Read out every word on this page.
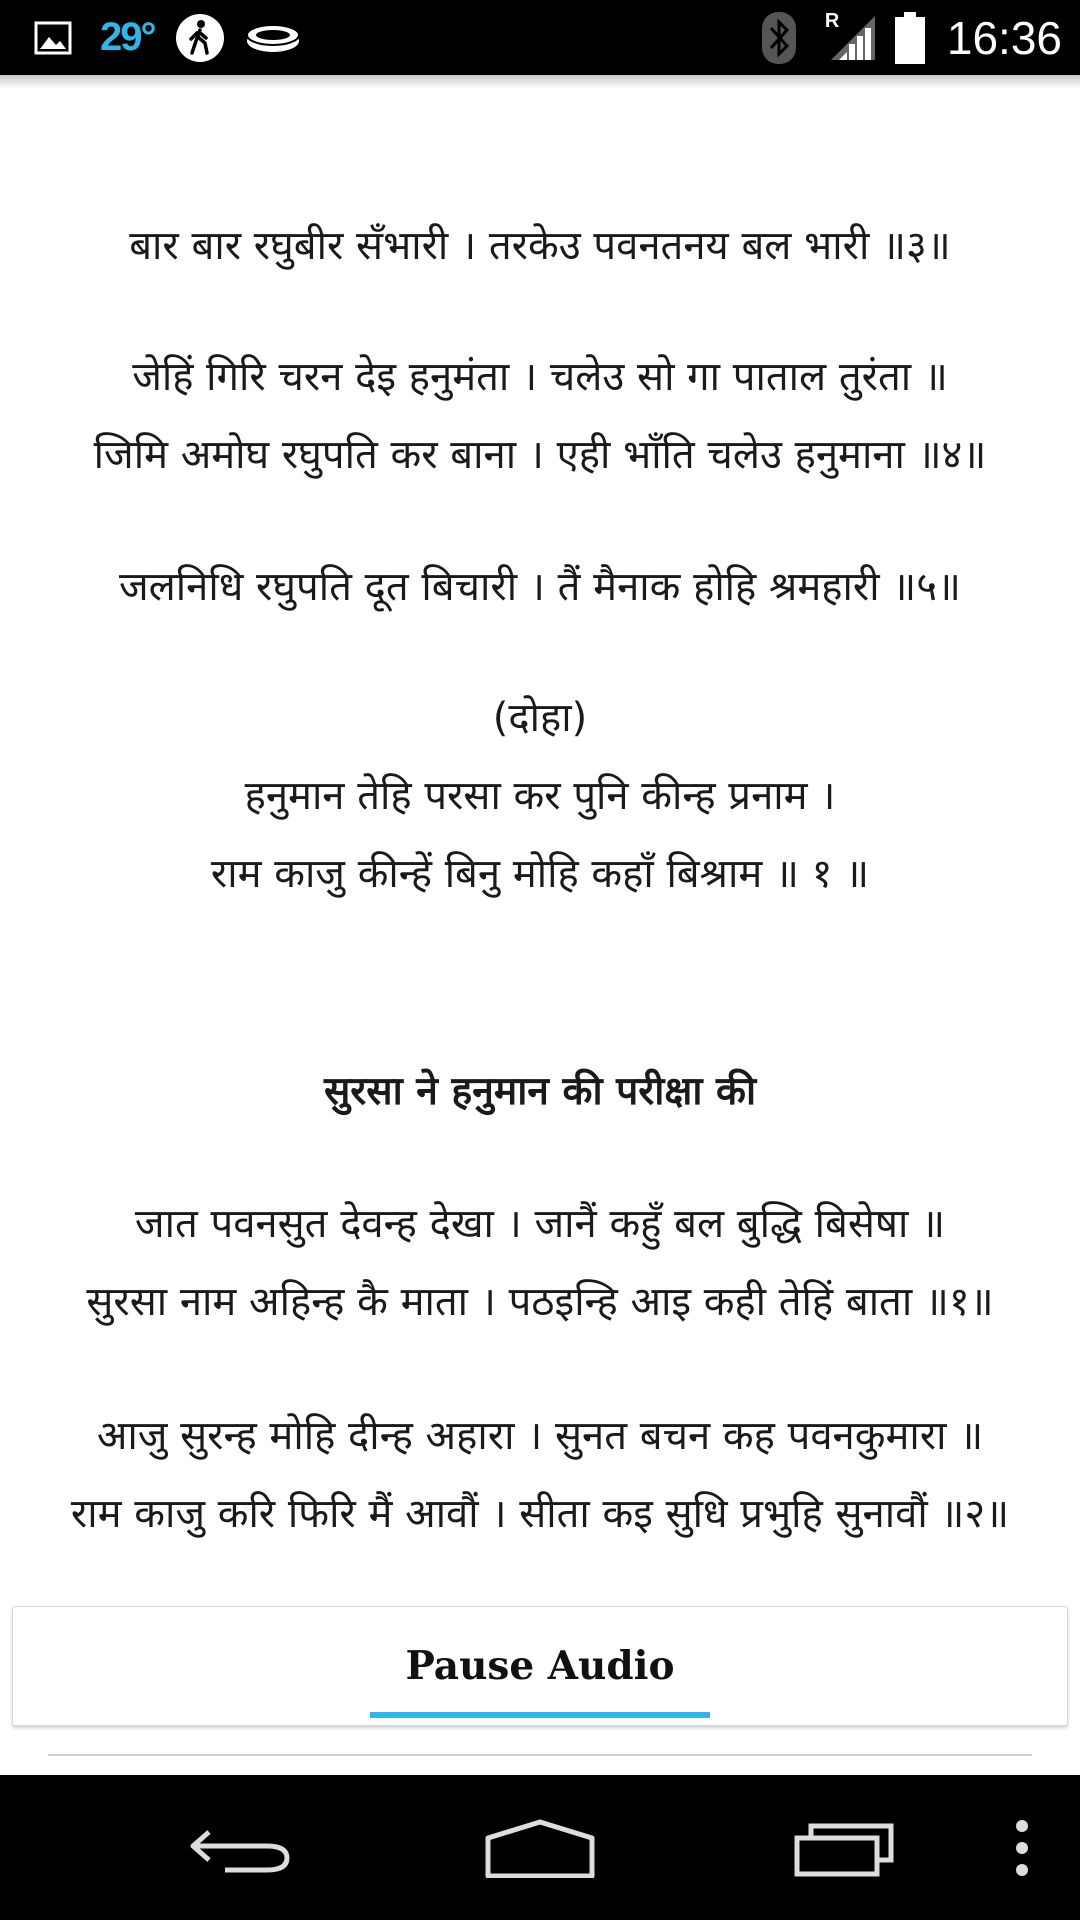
29°	R 16:36
बार बार रघुबीर सँभारी । तरकेउ पवनतनय बल भारी ॥३॥
जेहिं गिरि चरन देइ हनुमंता । चलेउ सो गा पाताल तुरंता ॥
जिमि अमोघ रघुपति कर बाना । एही भाँति चलेउ हनुमाना ॥४॥
जलनिधि रघुपति दूत बिचारी । तैं मैनाक होहि श्रमहारी ॥५॥
(दोहा)
हनुमान तेहि परसा कर पुनि कीन्ह प्रनाम ।
राम काजु कीन्हें बिनु मोहि कहाँ बिश्राम ॥ १ ॥
सुरसा ने हनुमान की परीक्षा की
जात पवनसुत देवन्ह देखा । जानैं कहुँ बल बुद्धि बिसेषा ॥
सुरसा नाम अहिन्ह कै माता । पठइन्हि आइ कही तेहिं बाता ॥१॥
आजु सुरन्ह मोहि दीन्ह अहारा । सुनत बचन कह पवनकुमारा ॥
राम काजु करि फिरि मैं आवौं । सीता कइ सुधि प्रभुहि सुनावौं ॥२॥
Pause Audio
